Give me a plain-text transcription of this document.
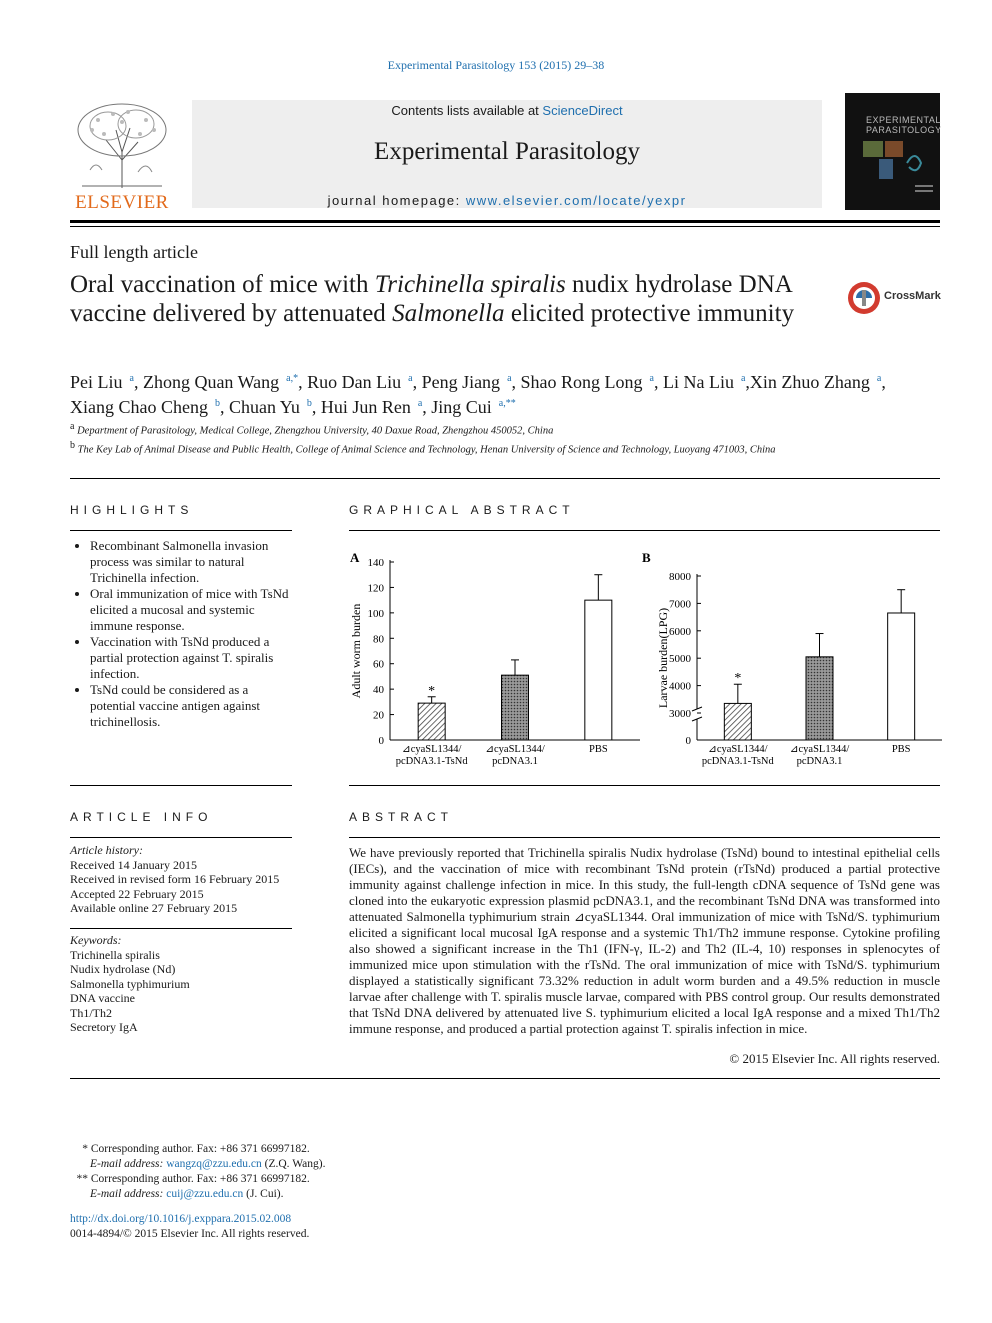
Experimental Parasitology 153 (2015) 29–38
ELSEVIER
Contents lists available at ScienceDirect
Experimental Parasitology
journal homepage: www.elsevier.com/locate/yexpr
EXPERIMENTAL PARASITOLOGY
Full length article
Oral vaccination of mice with Trichinella spiralis nudix hydrolase DNA vaccine delivered by attenuated Salmonella elicited protective immunity
CrossMark
Pei Liu  $^a$, Zhong Quan Wang  $^{a,*}$, Ruo Dan Liu  $^a$, Peng Jiang  $^a$, Shao Rong Long  $^a$, Li Na Liu  $^a$,Xin Zhuo Zhang  $^a$, Xiang Chao Cheng  $^b$, Chuan Yu  $^b$, Hui Jun Ren  $^a$, Jing Cui  $^{a,**}$
a Department of Parasitology, Medical College, Zhengzhou University, 40 Daxue Road, Zhengzhou 450052, China
b The Key Lab of Animal Disease and Public Health, College of Animal Science and Technology, Henan University of Science and Technology, Luoyang 471003, China
HIGHLIGHTS
• Recombinant Salmonella invasion process was similar to natural Trichinella infection.
• Oral immunization of mice with TsNd elicited a mucosal and systemic immune response.
• Vaccination with TsNd produced a partial protection against T. spiralis infection.
• TsNd could be considered as a potential vaccine antigen against trichinellosis.
GRAPHICAL ABSTRACT
A
0
20
40
60
80
100
120
140
Adult worm burden	*
⊿cyaSL1344/
pcDNA3.1-TsNd
⊿cyaSL1344/
pcDNA3.1
PBS
B
0
3000
4000
5000
6000
7000
8000
Larvae burden(LPG)	*
⊿cyaSL1344/
pcDNA3.1-TsNd
⊿cyaSL1344/
pcDNA3.1
PBS
ARTICLE INFO
Article history:
Received 14 January 2015
Received in revised form 16 February 2015
Accepted 22 February 2015
Available online 27 February 2015
Keywords:
Trichinella spiralis
Nudix hydrolase (Nd)
Salmonella typhimurium
DNA vaccine
Th1/Th2
Secretory IgA
ABSTRACT
We have previously reported that Trichinella spiralis Nudix hydrolase (TsNd) bound to intestinal epithelial cells (IECs), and the vaccination of mice with recombinant TsNd protein (rTsNd) produced a partial protective immunity against challenge infection in mice. In this study, the full-length cDNA sequence of TsNd gene was cloned into the eukaryotic expression plasmid pcDNA3.1, and the recombinant TsNd DNA was transformed into attenuated Salmonella typhimurium strain ⊿cyaSL1344. Oral immunization of mice with TsNd/S. typhimurium elicited a significant local mucosal IgA response and a systemic Th1/Th2 immune response. Cytokine profiling also showed a significant increase in the Th1 (IFN-γ, IL-2) and Th2 (IL-4, 10) responses in splenocytes of immunized mice upon stimulation with the rTsNd. The oral immunization of mice with TsNd/S. typhimurium displayed a statistically significant 73.32% reduction in adult worm burden and a 49.5% reduction in muscle larvae after challenge with T. spiralis muscle larvae, compared with PBS control group. Our results demonstrated that TsNd DNA delivered by attenuated live S. typhimurium elicited a local IgA response and a mixed Th1/Th2 immune response, and produced a partial protection against T. spiralis infection in mice.
© 2015 Elsevier Inc. All rights reserved.
* Corresponding author. Fax: +86 371 66997182.
E-mail address: wangzq@zzu.edu.cn (Z.Q. Wang).
** Corresponding author. Fax: +86 371 66997182.
E-mail address: cuij@zzu.edu.cn (J. Cui).
http://dx.doi.org/10.1016/j.exppara.2015.02.008
0014-4894/© 2015 Elsevier Inc. All rights reserved.
